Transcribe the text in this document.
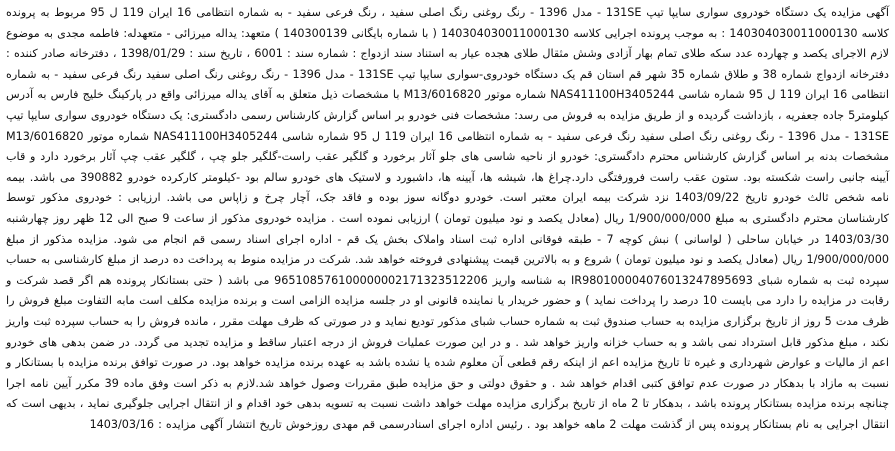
آگهی مزایده یک دستگاه خودروی سواری سایپا تیپ 131SE - مدل 1396 - رنگ روغنی رنگ اصلی سفید ، رنگ فرعی سفید - به شماره انتظامی 16 ایران 119 ل 95 مربوط به پرونده کلاسه 140304030011000130 : به موجب پرونده اجرایی کلاسه 140304030011000130 ( با شماره بایگانی 140300139 ) متعهد: یداله میرزائی - متعهدله: فاطمه مجدی به موضوع لازم الاجرای یکصد و چهارده عدد سکه طلای تمام بهار آزادی وشش مثقال طلای هجده عیار به استناد سند ازدواج : شماره سند : 6001 ، تاریخ سند : 1398/01/29 ، دفترخانه صادر کننده : دفترخانه ازدواج شماره 38 و طلاق شماره 35 شهر قم استان قم یک دستگاه خودروی-سواری سایپا تیپ 131SE - مدل 1396 - رنگ روغنی رنگ اصلی سفید رنگ فرعی سفید - به شماره انتظامی 16 ایران 119 ل 95 شماره شاسی NAS411100H3405244 شماره موتور M13/6016820 با مشخصات ذیل متعلق به آقای یداله میرزائی واقع در پارکینگ خلیج فارس به آدرس کیلومتر5 جاده جعفریه ، بازداشت گردیده و از طریق مزایده به فروش می رسد: مشخصات فنی خودرو بر اساس گزارش کارشناس رسمی دادگستری: یک دستگاه خودروی سواری سایپا تیپ 131SE - مدل 1396 - رنگ روغنی رنگ اصلی سفید رنگ فرعی سفید - به شماره انتظامی 16 ایران 119 ل 95 شماره شاسی NAS411100H3405244 شماره موتور M13/6016820 مشخصات بدنه بر اساس گزارش کارشناس محترم دادگستری: خودرو از ناحیه شاسی های جلو آثار برخورد و گلگیر عقب راست-گلگیر جلو چپ ، گلگیر عقب چپ آثار برخورد دارد و قاب آیینه جانبی راست شکسته بود. ستون عقب راست فرورفتگی دارد.چراغ ها، شیشه ها، آیینه ها، داشبورد و لاستیک های خودرو سالم بود -کیلومتر کارکرده خودرو 390882 می باشد. بیمه نامه شخص ثالث خودرو تاریخ 1403/09/22 نزد شرکت بیمه ایران معتبر است. خودرو دوگانه سوز بوده و فاقد جک، آچار چرخ و زاپاس می باشد. ارزیابی : خودروی مذکور توسط کارشناسان محترم دادگستری به مبلغ 1/900/000/000 ریال (معادل یکصد و نود میلیون تومان ) ارزیابی نموده است . مزایده خودروی مذکور از ساعت 9 صبح الی 12 ظهر روز چهارشنبه 1403/03/30 در خیابان ساحلی ( لواسانی ) نبش کوچه 7 - طبقه فوقانی اداره ثبت اسناد واملاک بخش یک قم - اداره اجرای اسناد رسمی قم انجام می شود. مزایده مذکور از مبلغ 1/900/000/000 ریال (معادل یکصد و نود میلیون تومان ) شروع و به بالاترین قیمت پیشنهادی فروخته خواهد شد. شرکت در مزایده منوط به پرداخت ده درصد از مبلغ کارشناسی به حساب سپرده ثبت به شماره شبای IR980100004076013247895693 به شناسه واریز 965108576100000002171323512206 می باشد ( حتی بستانکار پرونده هم اگر قصد شرکت و رقابت در مزایده را دارد می بایست 10 درصد را پرداخت نماید ) و حضور خریدار یا نماینده قانونی او در جلسه مزایده الزامی است و برنده مزایده مکلف است مابه التفاوت مبلغ فروش را ظرف مدت 5 روز از تاریخ برگزاری مزایده به حساب صندوق ثبت به شماره حساب شبای مذکور تودیع نماید و در صورتی که ظرف مهلت مقرر ، مانده فروش را به حساب سپرده ثبت واریز نکند ، مبلغ مذکور قابل استرداد نمی باشد و به حساب خزانه واریز خواهد شد . و در این صورت عملیات فروش از درجه اعتبار ساقط و مزایده تجدید می گردد. در ضمن بدهی های خودرو اعم از مالیات و عوارض شهرداری و غیره تا تاریخ مزایده اعم از اینکه رقم قطعی آن معلوم شده یا نشده باشد به عهده برنده مزایده خواهد بود. در صورت توافق برنده مزایده با بستانکار و نسبت به مازاد با بدهکار در صورت عدم توافق کتبی اقدام خواهد شد . و حقوق دولتی و حق مزایده طبق مقررات وصول خواهد شد.لازم به ذکر است وفق ماده 39 مکرر آیین نامه اجرا چنانچه برنده مزایده بستانکار پرونده باشد ، بدهکار تا 2 ماه از تاریخ برگزاری مزایده مهلت خواهد داشت نسبت به تسویه بدهی خود اقدام و از انتقال اجرایی جلوگیری نماید ، بدیهی است که انتقال اجرایی به نام بستانکار پرونده پس از گذشت مهلت 2 ماهه خواهد بود . رئیس اداره اجرای اسنادرسمی قم مهدی روزخوش تاریخ انتشار آگهی مزایده : 1403/03/16
